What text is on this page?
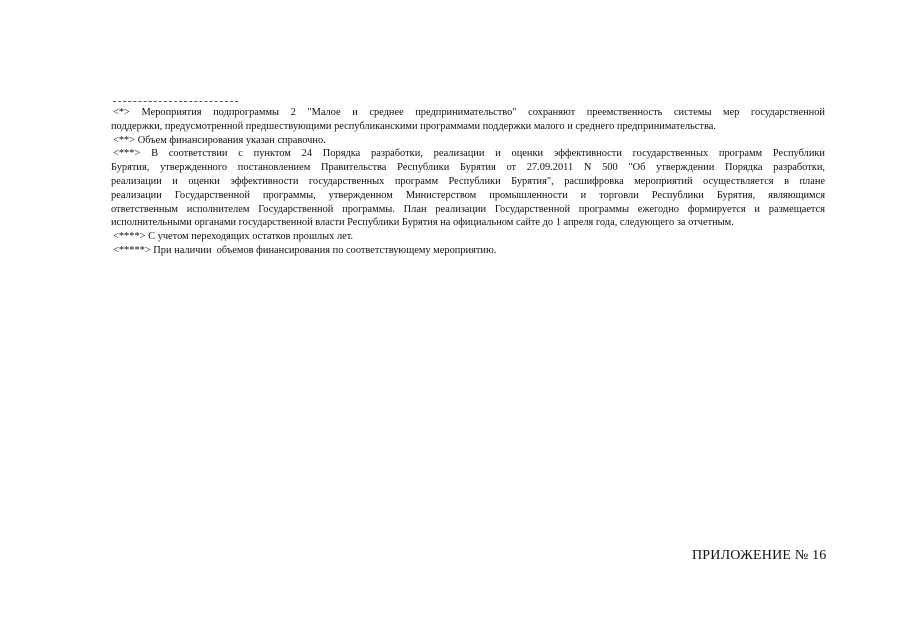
<*> Мероприятия подпрограммы 2 "Малое и среднее предпринимательство" сохраняют преемственность системы мер государственной
поддержки, предусмотренной предшествующими республиканскими программами поддержки малого и среднего предпринимательства.
<**> Объем финансирования указан справочно.
<***> В соответствии с пунктом 24 Порядка разработки, реализации и оценки эффективности государственных программ Республики
Бурятия, утвержденного постановлением Правительства Республики Бурятия от 27.09.2011 N 500 "Об утверждении Порядка разработки,
реализации и оценки эффективности государственных программ Республики Бурятия", расшифровка мероприятий осуществляется в плане
реализации Государственной программы, утвержденном Министерством промышленности и торговли Республики Бурятия, являющимся
ответственным исполнителем Государственной программы. План реализации Государственной программы ежегодно формируется и размещается
исполнительными органами государственной власти Республики Бурятия на официальном сайте до 1 апреля года, следующего за отчетным.
<****> С учетом переходящих остатков прошлых лет.
<*****> При наличии  объемов финансирования по соответствующему мероприятию.
ПРИЛОЖЕНИЕ № 16
